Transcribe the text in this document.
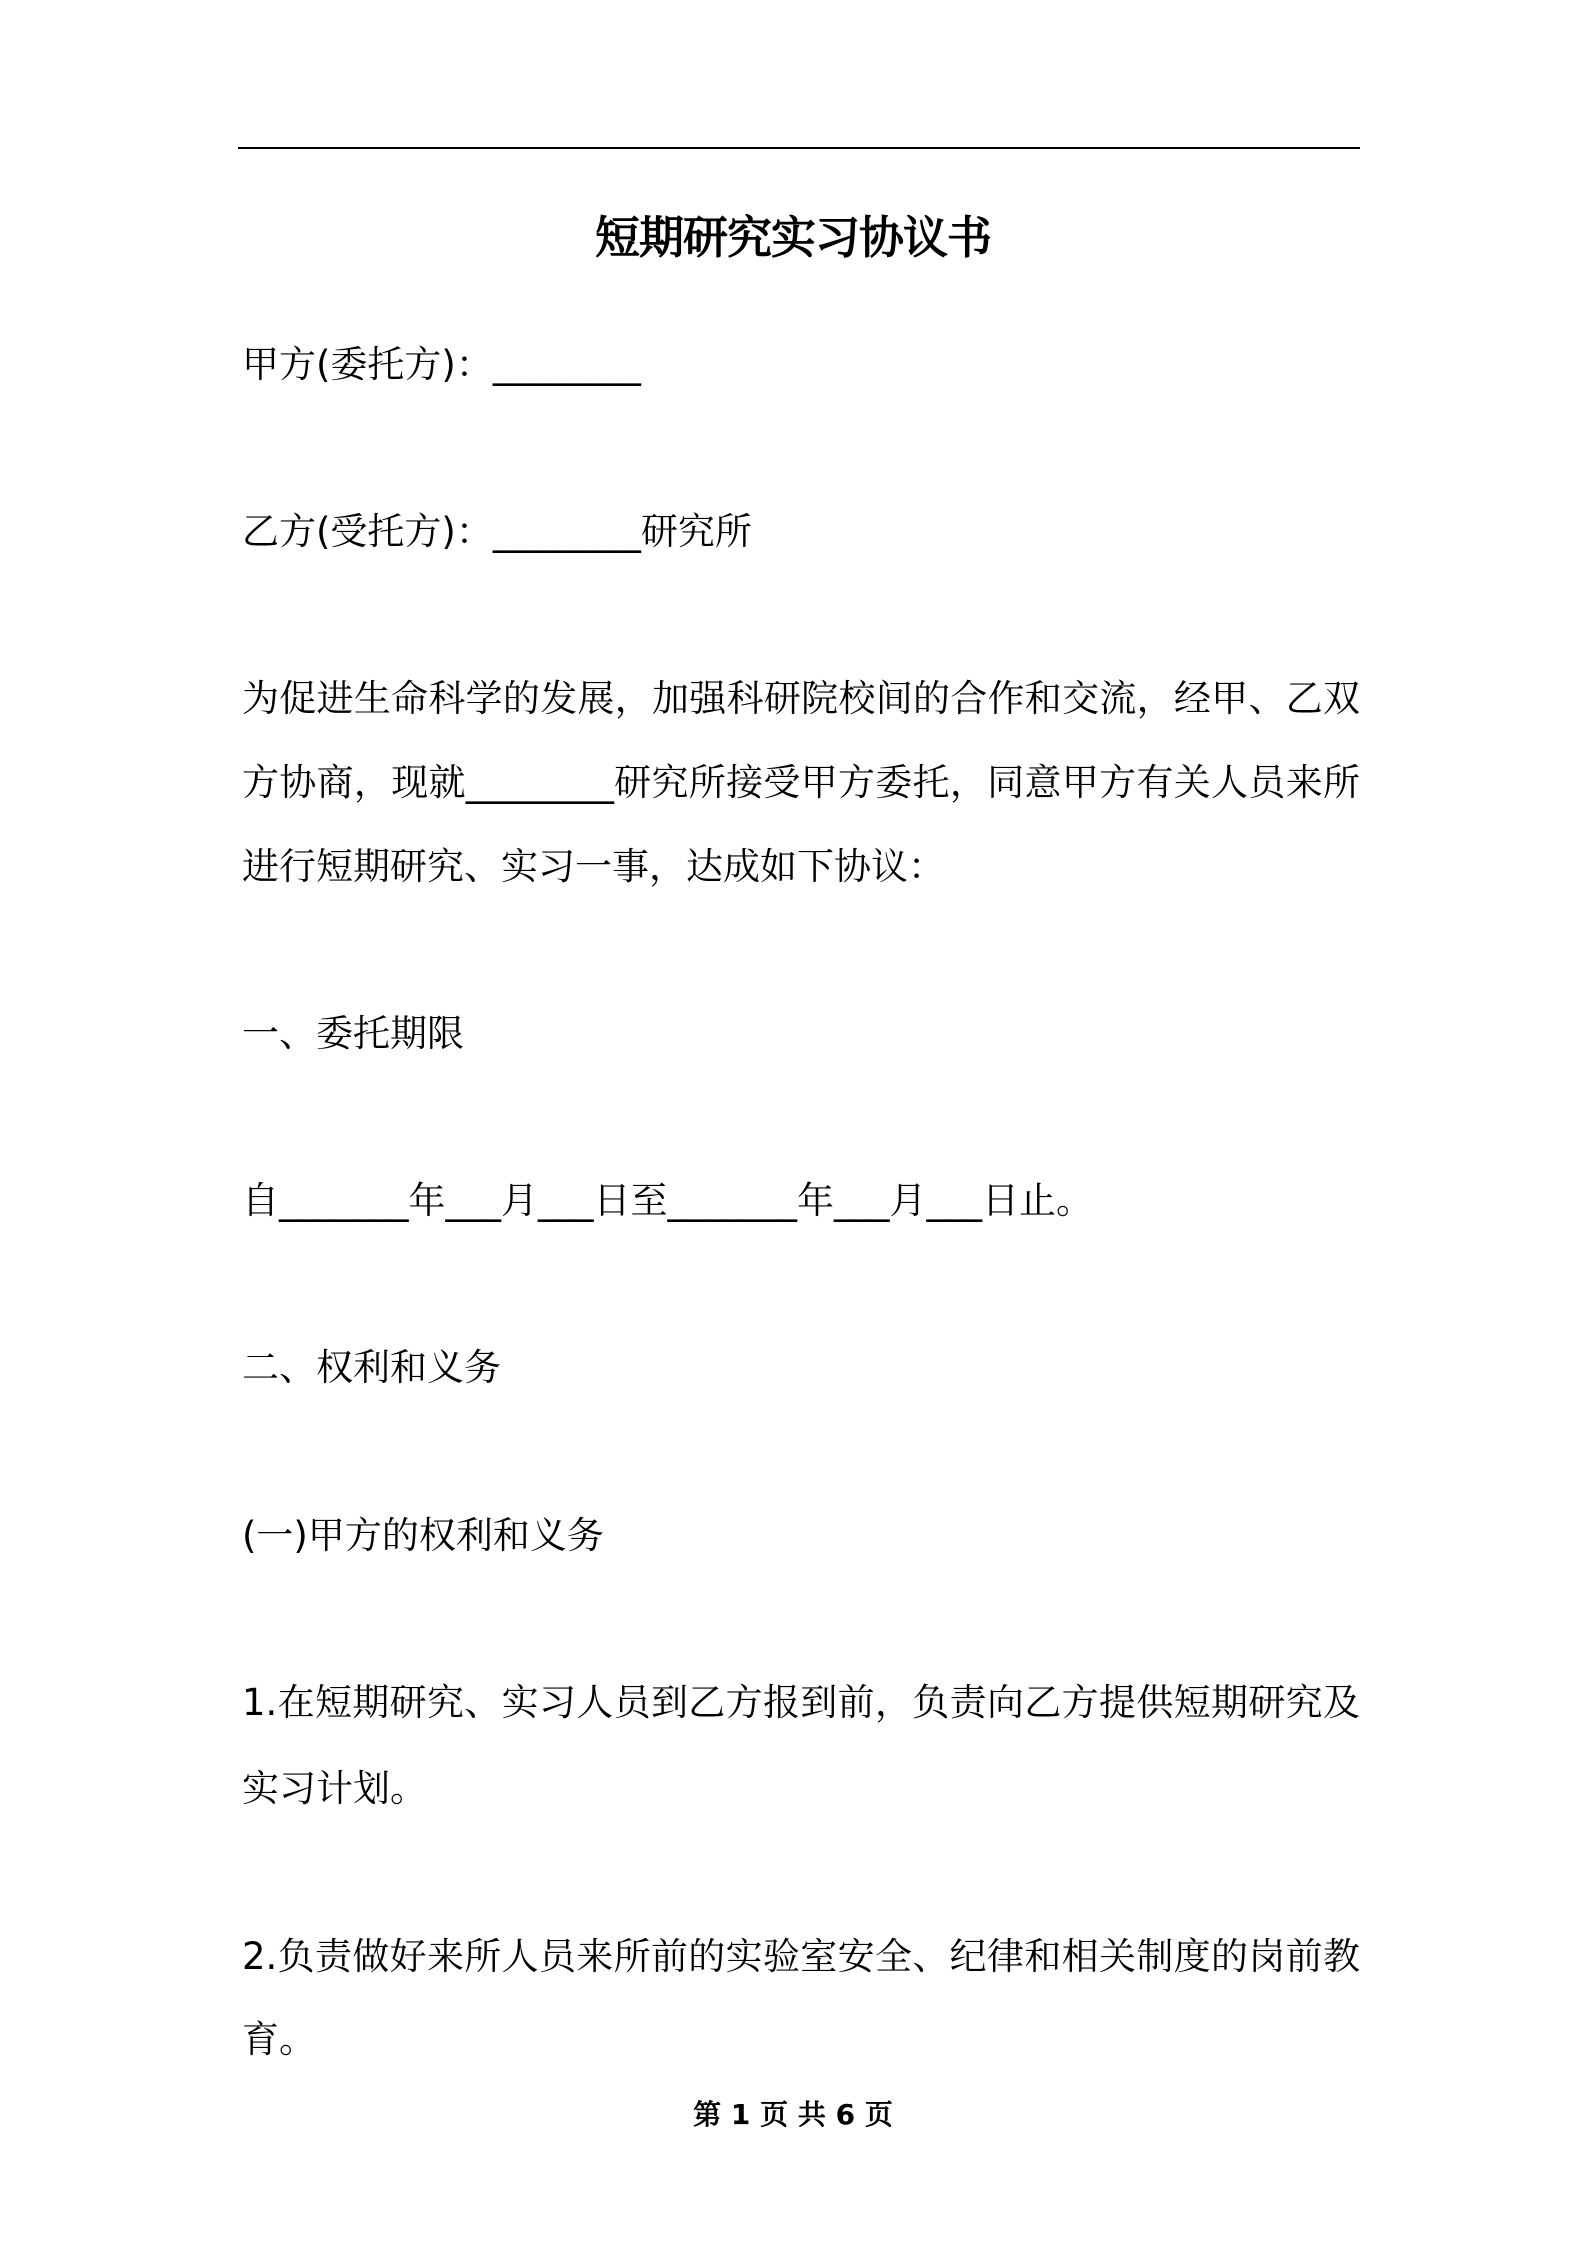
短期研究实习协议书
甲方(委托方)：________
乙方(受托方)：________研究所
为促进生命科学的发展，加强科研院校间的合作和交流，经甲、乙双
方协商，现就________研究所接受甲方委托，同意甲方有关人员来所
进行短期研究、实习一事，达成如下协议：
一、委托期限
自_______年___月___日至_______年___月___日止。
二、权利和义务
(一)甲方的权利和义务
1.在短期研究、实习人员到乙方报到前，负责向乙方提供短期研究及
实习计划。
2.负责做好来所人员来所前的实验室安全、纪律和相关制度的岗前教
育。
第 1 页 共 6 页
